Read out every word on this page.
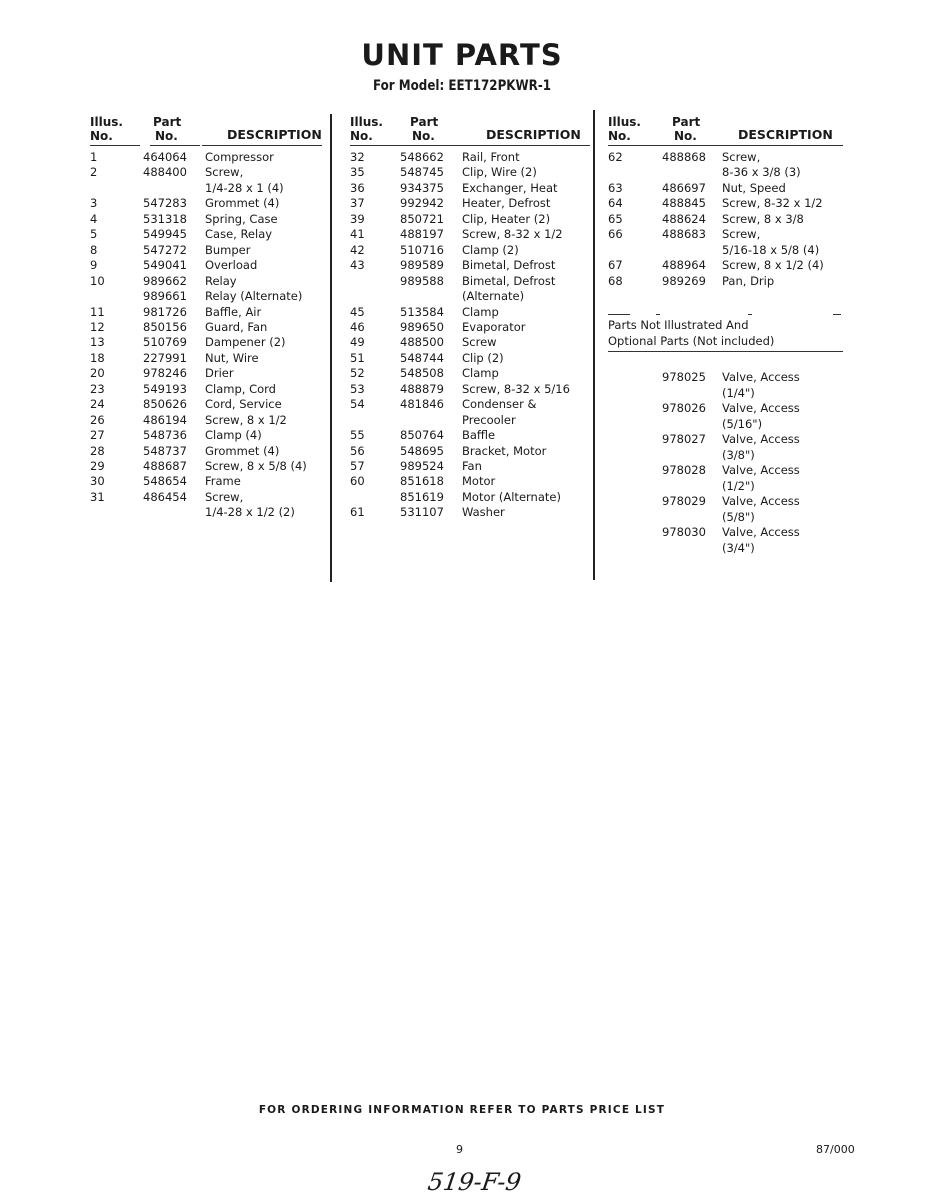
UNIT PARTS
For Model: EET172PKWR-1
Illus.
No.
Part
No.	DESCRIPTION
1	464064 Compressor
2	488400 Screw,
1/4-28 x 1 (4)
3	547283 Grommet (4)
4	531318 Spring, Case
5	549945 Case, Relay
8	547272 Bumper
9	549041 Overload
10	989662 Relay
989661 Relay (Alternate)
11	981726 Baffle, Air
12	850156 Guard, Fan
13	510769 Dampener (2)
18	227991 Nut, Wire
20	978246 Drier
23	549193 Clamp, Cord
24	850626 Cord, Service
26	486194 Screw, 8 x 1/2
27	548736 Clamp (4)
28	548737 Grommet (4)
29	488687 Screw, 8 x 5/8 (4)
30	548654 Frame
31	486454 Screw,
1/4-28 x 1/2 (2)
Illus.
No.
Part
No.	DESCRIPTION
32	548662 Rail, Front
35	548745 Clip, Wire (2)
36	934375 Exchanger, Heat
37	992942 Heater, Defrost
39	850721 Clip, Heater (2)
41	488197 Screw, 8-32 x 1/2
42	510716 Clamp (2)
43	989589 Bimetal, Defrost
989588 Bimetal, Defrost
(Alternate)
45	513584 Clamp
46	989650 Evaporator
49	488500 Screw
51	548744 Clip (2)
52	548508 Clamp
53	488879 Screw, 8-32 x 5/16
54	481846 Condenser &
Precooler
55	850764 Baffle
56	548695 Bracket, Motor
57	989524 Fan
60	851618 Motor
851619 Motor (Alternate)
61	531107 Washer
Illus.
No.
Part
No.	DESCRIPTION
62	488868 Screw,
8-36 x 3/8 (3)
63	486697 Nut, Speed
64	488845 Screw, 8-32 x 1/2
65	488624 Screw, 8 x 3/8
66	488683 Screw,
5/16-18 x 5/8 (4)
67	488964 Screw, 8 x 1/2 (4)
68	989269 Pan, Drip
Parts Not Illustrated And
Optional Parts (Not included)
978025 Valve, Access
(1/4")
978026 Valve, Access
(5/16")
978027 Valve, Access
(3/8")
978028 Valve, Access
(1/2")
978029 Valve, Access
(5/8")
978030 Valve, Access
(3/4")
FOR ORDERING INFORMATION REFER TO PARTS PRICE LIST
9	87/000
519-F-9
